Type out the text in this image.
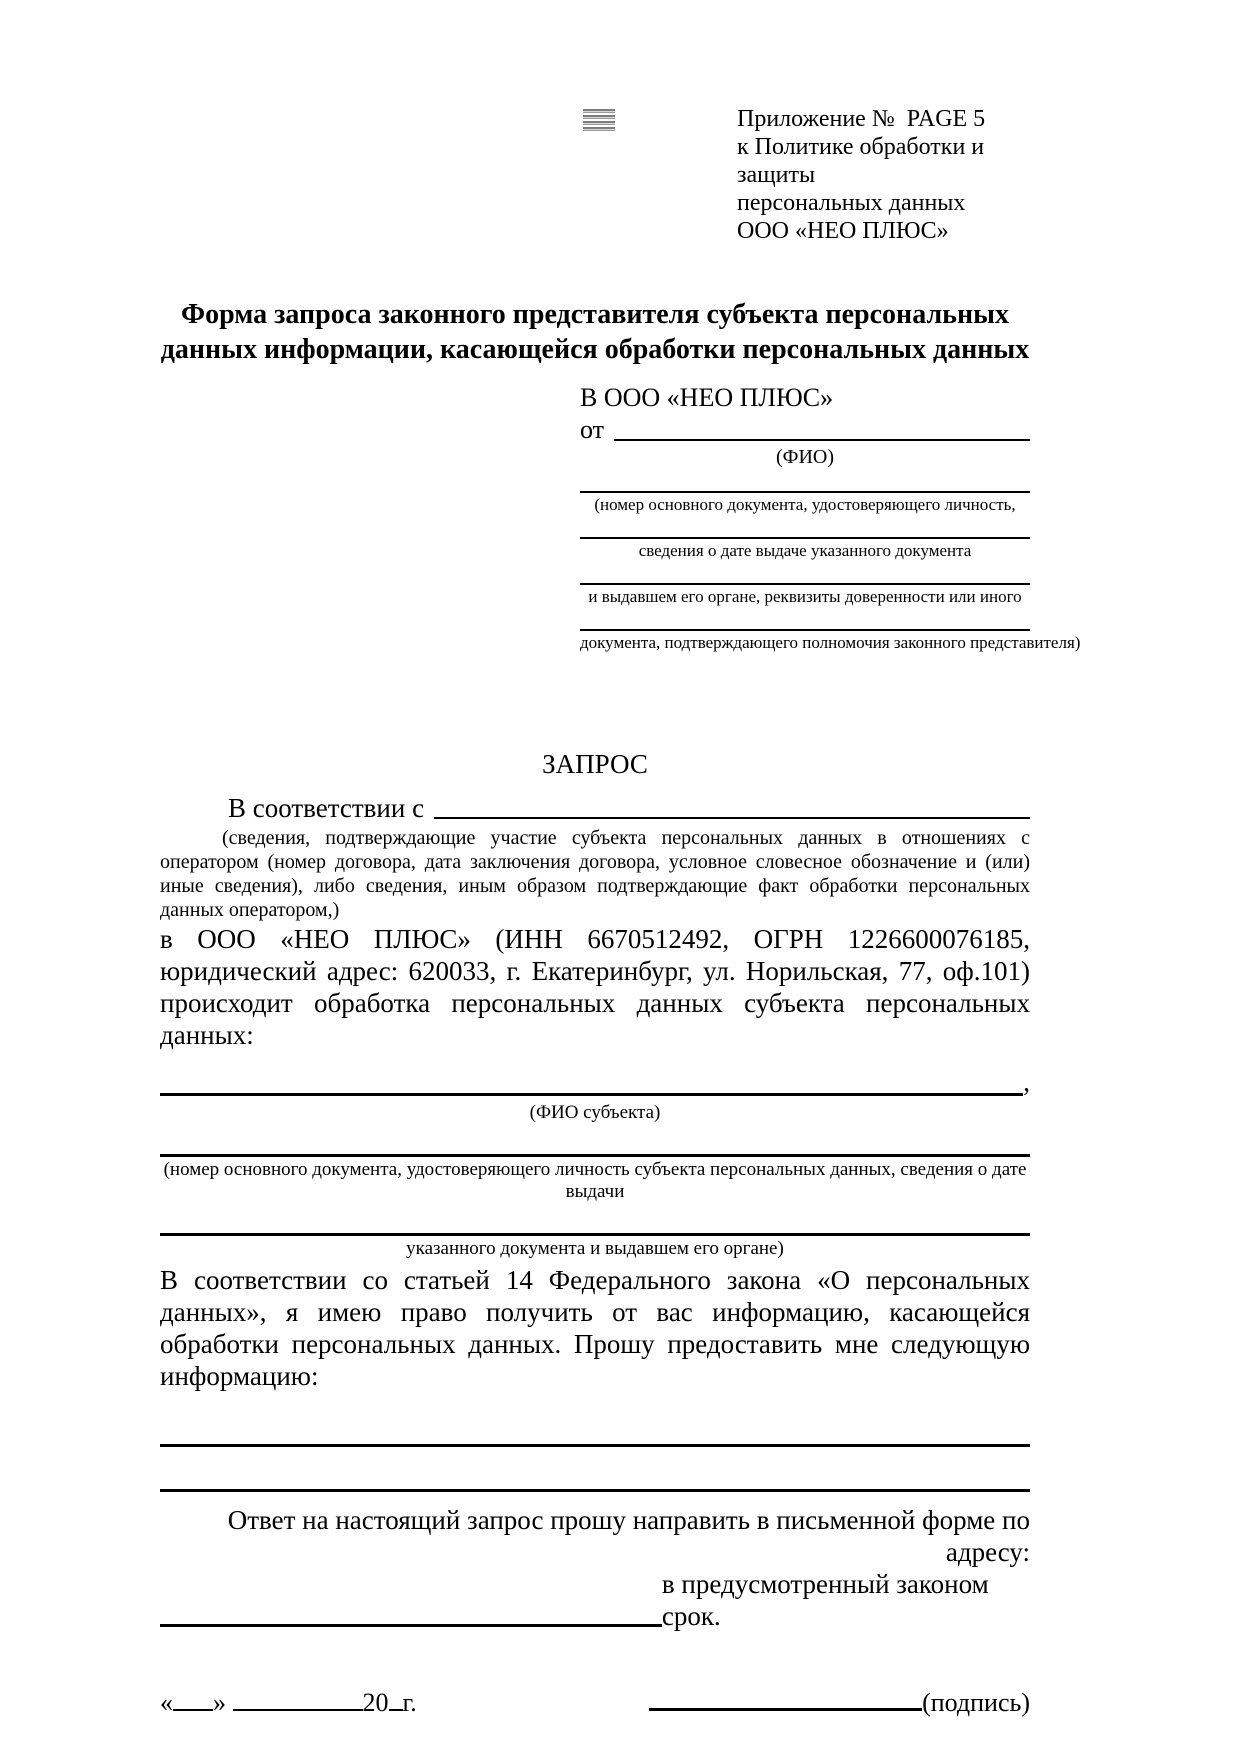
Приложение №  PAGE 5
к Политике обработки и защиты
персональных данных
ООО «НЕО ПЛЮС»
Форма запроса законного представителя субъекта персональных данных информации, касающейся обработки персональных данных
В ООО «НЕО ПЛЮС»
от
(ФИО)
(номер основного документа, удостоверяющего личность,
сведения о дате выдаче указанного документа
и выдавшем его органе, реквизиты доверенности или иного
документа, подтверждающего полномочия законного представителя)
ЗАПРОС
В соответствии с
(сведения, подтверждающие участие субъекта персональных данных в отношениях с оператором (номер договора, дата заключения договора, условное словесное обозначение и (или) иные сведения), либо сведения, иным образом подтверждающие факт обработки персональных данных оператором,)
в ООО «НЕО ПЛЮС» (ИНН 6670512492, ОГРН 1226600076185, юридический адрес: 620033, г. Екатеринбург, ул. Норильская, 77, оф.101) происходит обработка персональных данных субъекта персональных данных:
,
(ФИО субъекта)
(номер основного документа, удостоверяющего личность субъекта персональных данных, сведения о дате выдачи
указанного документа и выдавшем его органе)
В соответствии со статьей 14 Федерального закона «О персональных данных», я имею право получить от вас информацию, касающейся обработки персональных данных. Прошу предоставить мне следующую информацию:
Ответ на настоящий запрос прошу направить в письменной форме по адресу:
в предусмотренный законом срок.
« »	20 г.	(подпись)
